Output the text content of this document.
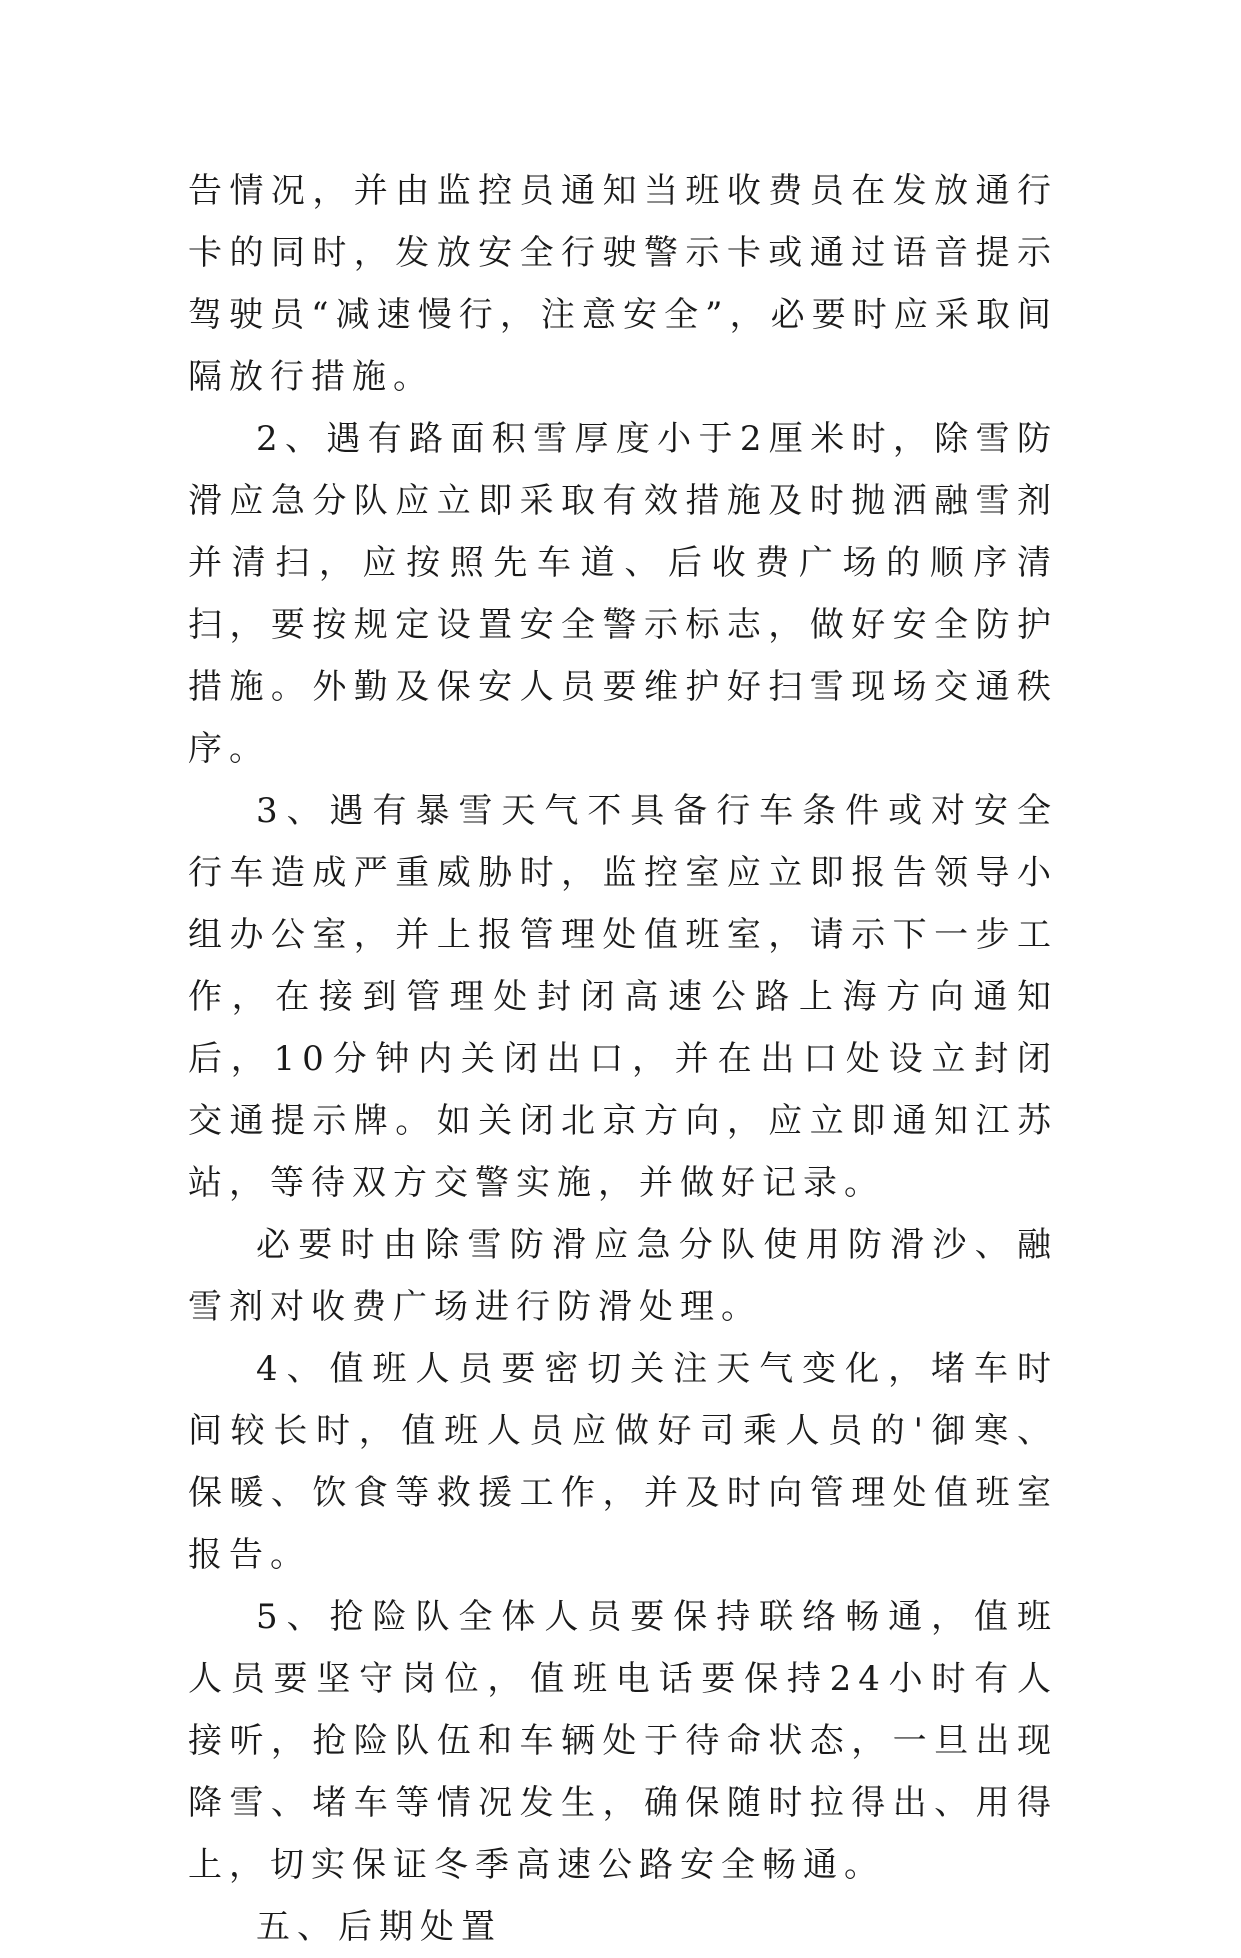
告情况，并由监控员通知当班收费员在发放通行卡的同时，发放安全行驶警示卡或通过语音提示驾驶员“减速慢行，注意安全”，必要时应采取间隔放行措施。

2、遇有路面积雪厚度小于2厘米时，除雪防滑应急分队应立即采取有效措施及时抛洒融雪剂并清扫，应按照先车道、后收费广场的顺序清扫，要按规定设置安全警示标志，做好安全防护措施。外勤及保安人员要维护好扫雪现场交通秩序。

3、遇有暴雪天气不具备行车条件或对安全行车造成严重威胁时，监控室应立即报告领导小组办公室，并上报管理处值班室，请示下一步工作，在接到管理处封闭高速公路上海方向通知后，10分钟内关闭出口，并在出口处设立封闭交通提示牌。如关闭北京方向，应立即通知江苏站，等待双方交警实施，并做好记录。

必要时由除雪防滑应急分队使用防滑沙、融雪剂对收费广场进行防滑处理。

4、值班人员要密切关注天气变化，堵车时间较长时，值班人员应做好司乘人员的'御寒、保暖、饮食等救援工作，并及时向管理处值班室报告。

5、抢险队全体人员要保持联络畅通，值班人员要坚守岗位，值班电话要保持24小时有人接听，抢险队伍和车辆处于待命状态，一旦出现降雪、堵车等情况发生，确保随时拉得出、用得上，切实保证冬季高速公路安全畅通。

五、后期处置
